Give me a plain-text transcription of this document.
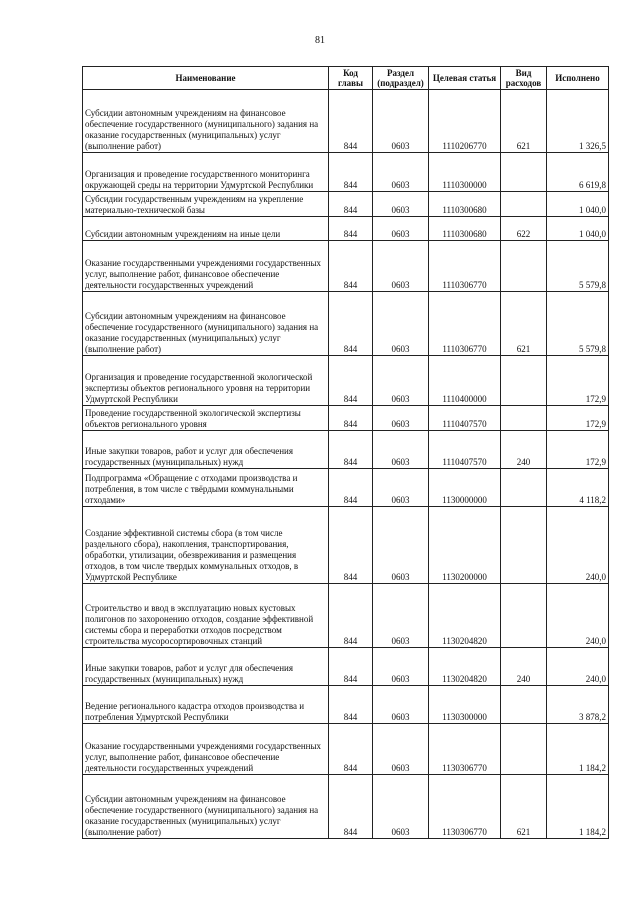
81
Наименование	Код главы	Раздел (подраздел)	Целевая статья	Вид расходов	Исполнено
Субсидии автономным учреждениям на финансовое обеспечение государственного (муниципального) задания на оказание государственных (муниципальных) услуг (выполнение работ)	844	0603	1110206770	621	1 326,5
Организация и проведение государственного мониторинга окружающей среды на территории Удмуртской Республики	844	0603	1110300000		6 619,8
Субсидии государственным учреждениям на укрепление материально-технической базы	844	0603	1110300680		1 040,0
Субсидии автономным учреждениям на иные цели	844	0603	1110300680	622	1 040,0
Оказание государственными учреждениями государственных услуг, выполнение работ, финансовое обеспечение деятельности государственных учреждений	844	0603	1110306770		5 579,8
Субсидии автономным учреждениям на финансовое обеспечение государственного (муниципального) задания на оказание государственных (муниципальных) услуг (выполнение работ)	844	0603	1110306770	621	5 579,8
Организация и проведение государственной экологической экспертизы объектов регионального уровня на территории Удмуртской Республики	844	0603	1110400000		172,9
Проведение государственной экологической экспертизы объектов регионального уровня	844	0603	1110407570		172,9
Иные закупки товаров, работ и услуг для обеспечения государственных (муниципальных) нужд	844	0603	1110407570	240	172,9
Подпрограмма «Обращение с отходами производства и потребления, в том числе с твёрдыми коммунальными отходами»	844	0603	1130000000		4 118,2
Создание эффективной системы сбора (в том числе раздельного сбора), накопления, транспортирования, обработки, утилизации, обезвреживания и размещения отходов, в том числе твердых коммунальных отходов, в Удмуртской Республике	844	0603	1130200000		240,0
Строительство и ввод в эксплуатацию новых кустовых полигонов по захоронению отходов, создание эффективной системы сбора и переработки отходов посредством строительства мусоросортировочных станций	844	0603	1130204820		240,0
Иные закупки товаров, работ и услуг для обеспечения государственных (муниципальных) нужд	844	0603	1130204820	240	240,0
Ведение регионального кадастра отходов производства и потребления Удмуртской Республики	844	0603	1130300000		3 878,2
Оказание государственными учреждениями государственных услуг, выполнение работ, финансовое обеспечение деятельности государственных учреждений	844	0603	1130306770		1 184,2
Субсидии автономным учреждениям на финансовое обеспечение государственного (муниципального) задания на оказание государственных (муниципальных) услуг (выполнение работ)	844	0603	1130306770	621	1 184,2
